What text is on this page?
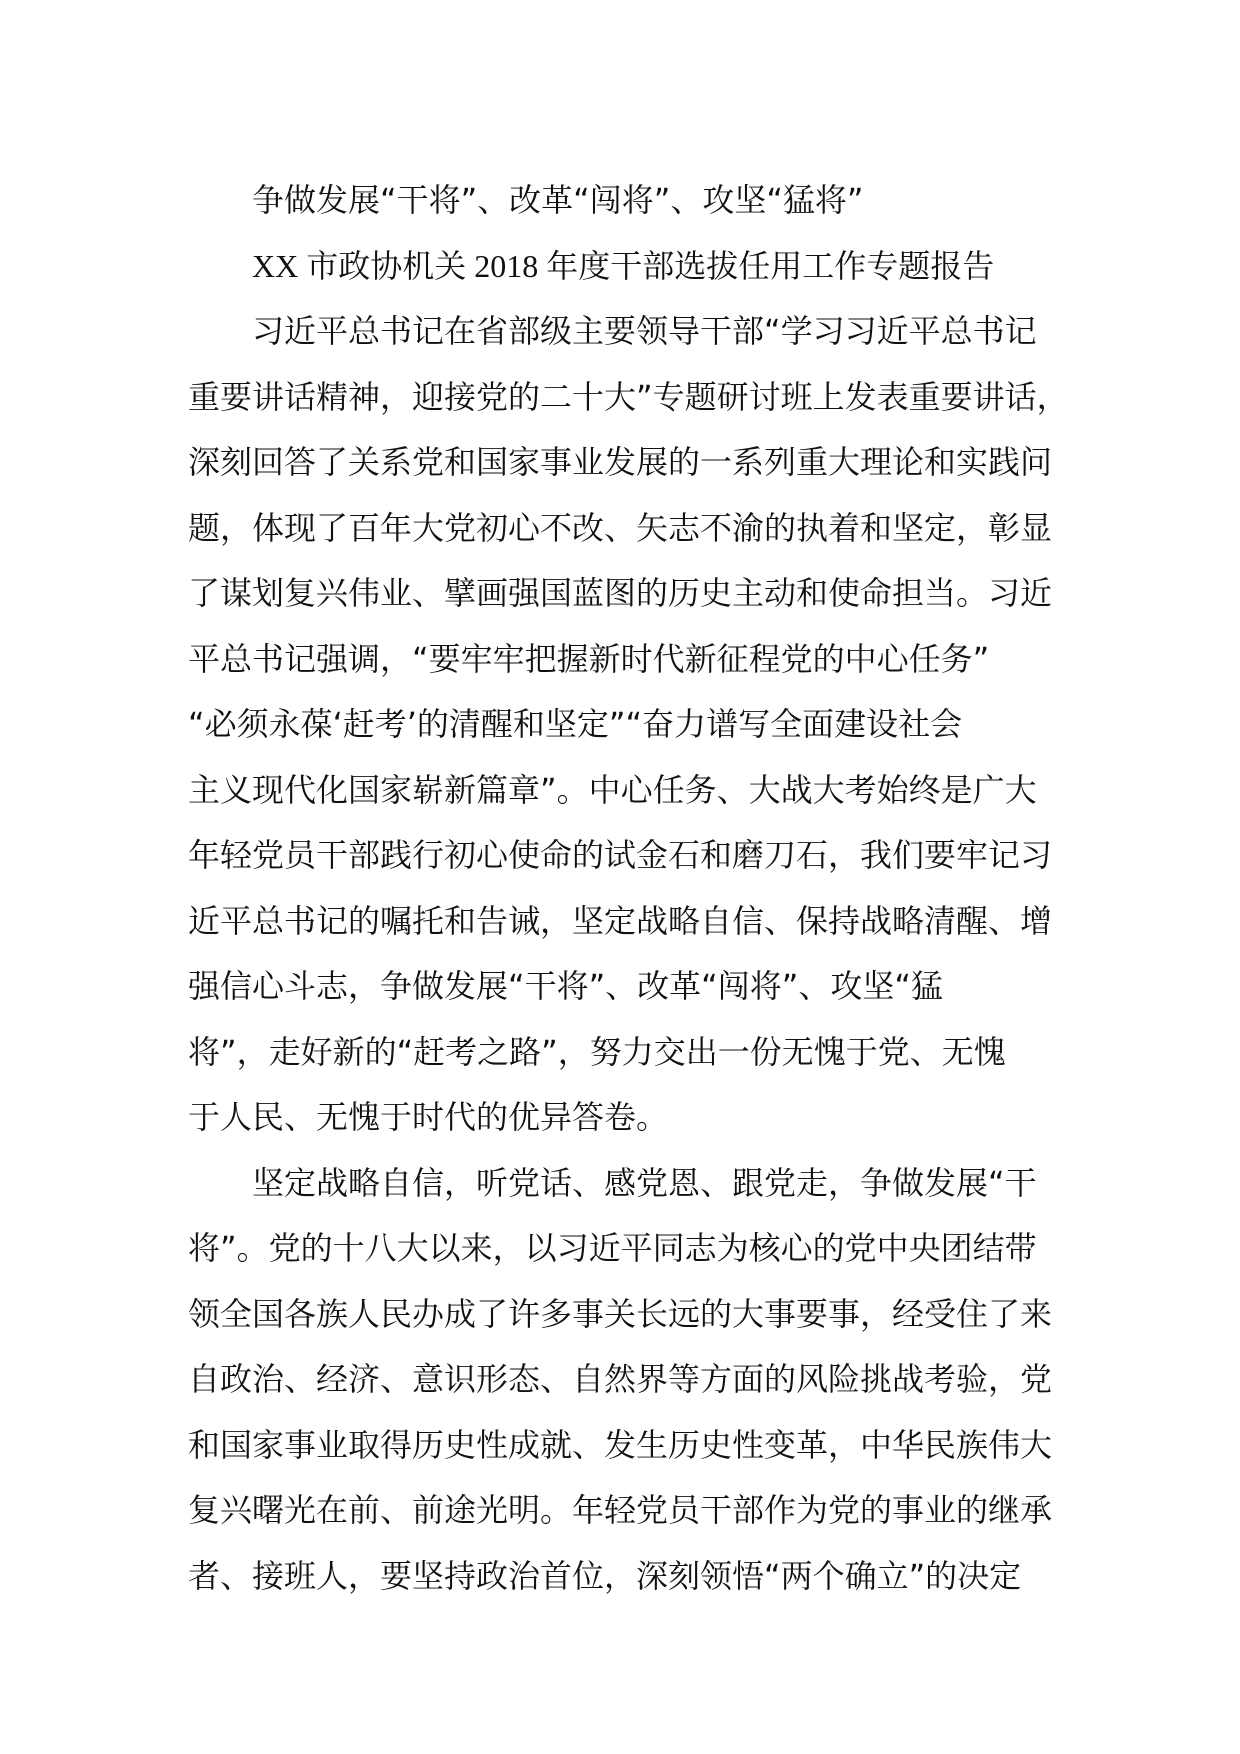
争做发展“干将”、改革“闯将”、攻坚“猛将”
XX 市政协机关 2018 年度干部选拔任用工作专题报告
习近平总书记在省部级主要领导干部“学习习近平总书记
重要讲话精神，迎接党的二十大”专题研讨班上发表重要讲话，
深刻回答了关系党和国家事业发展的一系列重大理论和实践问
题，体现了百年大党初心不改、矢志不渝的执着和坚定，彰显
了谋划复兴伟业、擘画强国蓝图的历史主动和使命担当。习近
平总书记强调，“要牢牢把握新时代新征程党的中心任务”
“必须永葆‘赶考’的清醒和坚定”“奋力谱写全面建设社会
主义现代化国家崭新篇章”。中心任务、大战大考始终是广大
年轻党员干部践行初心使命的试金石和磨刀石，我们要牢记习
近平总书记的嘱托和告诫，坚定战略自信、保持战略清醒、增
强信心斗志，争做发展“干将”、改革“闯将”、攻坚“猛
将”，走好新的“赶考之路”，努力交出一份无愧于党、无愧
于人民、无愧于时代的优异答卷。
坚定战略自信，听党话、感党恩、跟党走，争做发展“干
将”。党的十八大以来，以习近平同志为核心的党中央团结带
领全国各族人民办成了许多事关长远的大事要事，经受住了来
自政治、经济、意识形态、自然界等方面的风险挑战考验，党
和国家事业取得历史性成就、发生历史性变革，中华民族伟大
复兴曙光在前、前途光明。年轻党员干部作为党的事业的继承
者、接班人，要坚持政治首位，深刻领悟“两个确立”的决定
